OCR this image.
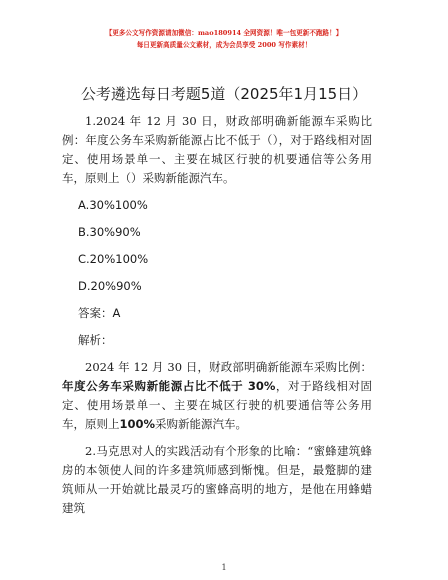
【更多公文写作资源请加微信：mao180914 全网资源！唯一包更新不跑路！】
每日更新高质量公文素材，成为会员享受 2000 写作素材！
公考遴选每日考题5道（2025年1月15日）

1.2024 年 12 月 30 日，财政部明确新能源车采购比例：年度公务车采购新能源占比不低于（），对于路线相对固定、使用场景单一、主要在城区行驶的机要通信等公务用车，原则上（）采购新能源汽车。

A.30%100%
B.30%90%
C.20%100%
D.20%90%
答案：A
解析：

2024 年 12 月 30 日，财政部明确新能源车采购比例：年度公务车采购新能源占比不低于 30%，对于路线相对固定、使用场景单一、主要在城区行驶的机要通信等公务用车，原则上100%采购新能源汽车。

2.马克思对人的实践活动有个形象的比喻：“蜜蜂建筑蜂房的本领使人间的许多建筑师感到惭愧。但是，最蹩脚的建筑师从一开始就比最灵巧的蜜蜂高明的地方，是他在用蜂蜡建筑

1
